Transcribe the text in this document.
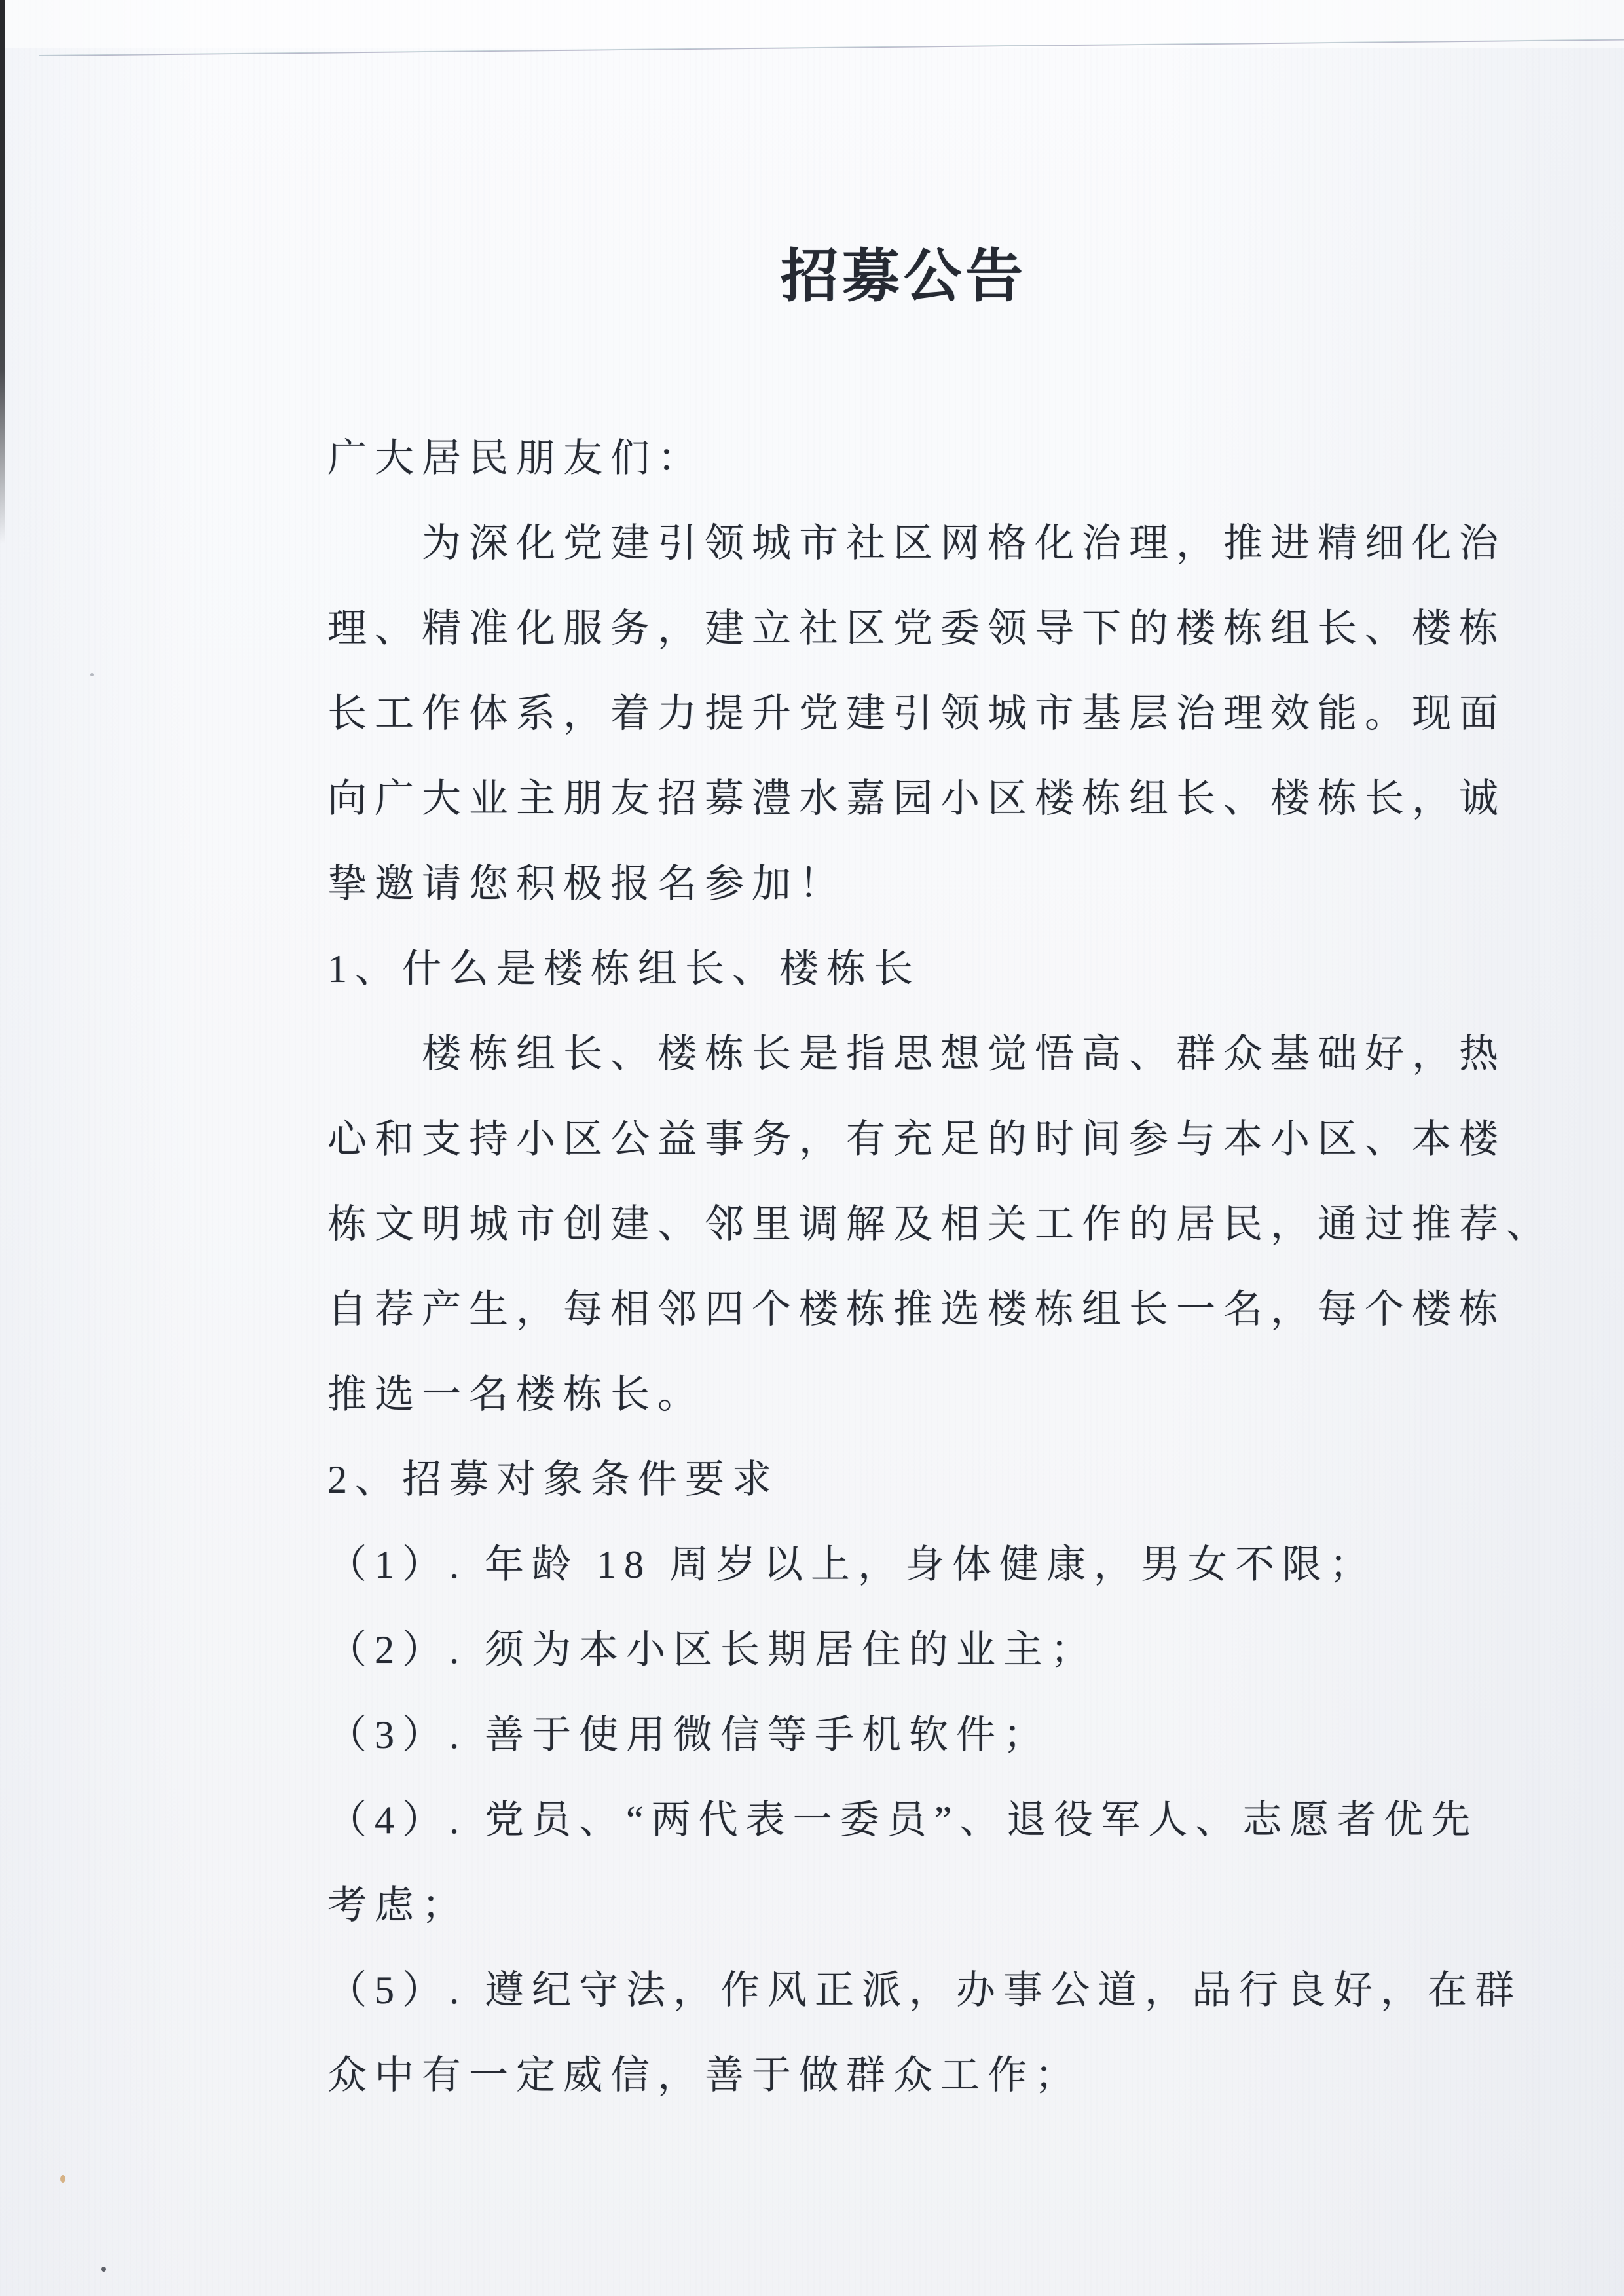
招募公告
广大居民朋友们：
为深化党建引领城市社区网格化治理，推进精细化治
理、精准化服务，建立社区党委领导下的楼栋组长、楼栋
长工作体系，着力提升党建引领城市基层治理效能。现面
向广大业主朋友招募澧水嘉园小区楼栋组长、楼栋长，诚
挚邀请您积极报名参加！
1、什么是楼栋组长、楼栋长
楼栋组长、楼栋长是指思想觉悟高、群众基础好，热
心和支持小区公益事务，有充足的时间参与本小区、本楼
栋文明城市创建、邻里调解及相关工作的居民，通过推荐、
自荐产生，每相邻四个楼栋推选楼栋组长一名，每个楼栋
推选一名楼栋长。
2、招募对象条件要求
（1）. 年龄 18 周岁以上，身体健康，男女不限；
（2）. 须为本小区长期居住的业主；
（3）. 善于使用微信等手机软件；
（4）. 党员、“两代表一委员”、退役军人、志愿者优先
考虑；
（5）. 遵纪守法，作风正派，办事公道，品行良好，在群
众中有一定威信，善于做群众工作；
